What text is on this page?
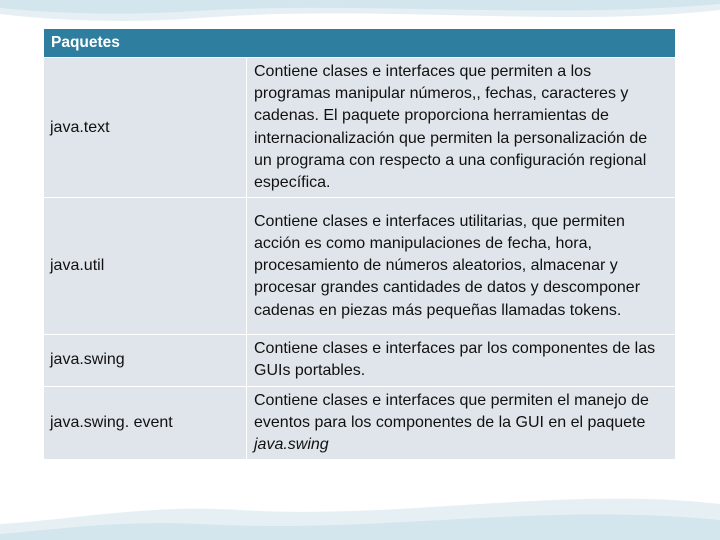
Paquetes	
java.text	Contiene clases e interfaces que permiten a los programas manipular números,, fechas, caracteres y cadenas. El paquete proporciona herramientas de internacionalización que permiten la personalización de un programa con respecto a una configuración regional específica.
java.util	Contiene clases e interfaces utilitarias, que permiten acción es como manipulaciones de fecha, hora, procesamiento de números aleatorios, almacenar y procesar grandes cantidades de datos y descomponer cadenas en piezas más pequeñas llamadas tokens.
java.swing	Contiene clases e interfaces par los componentes de las GUIs portables.
java.swing. event	Contiene clases e interfaces que permiten el manejo de eventos para los componentes de la GUI en el paquete java.swing
